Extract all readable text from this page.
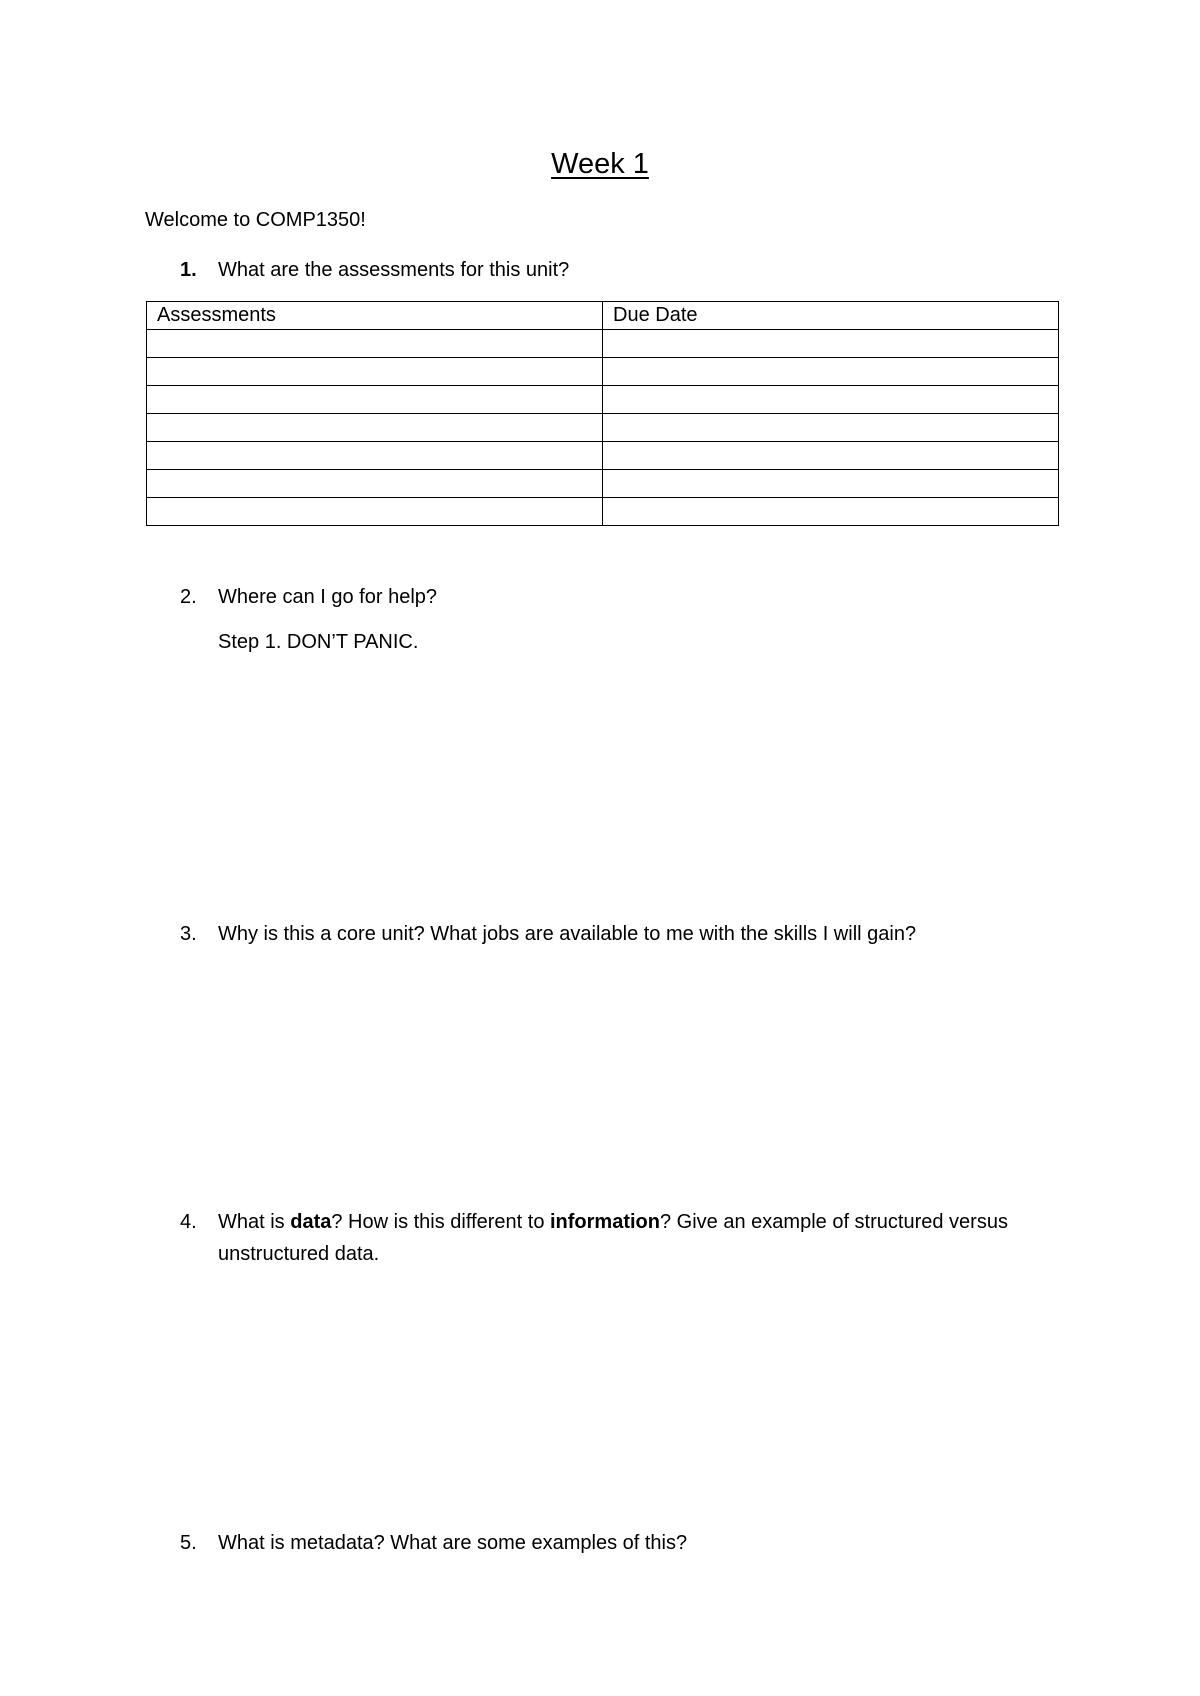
Week 1
Welcome to COMP1350!
1. What are the assessments for this unit?
Assessments	Due Date

2. Where can I go for help?
Step 1. DON’T PANIC.
3. Why is this a core unit? What jobs are available to me with the skills I will gain?
4. What is data? How is this different to information? Give an example of structured versus unstructured data.
5. What is metadata? What are some examples of this?
